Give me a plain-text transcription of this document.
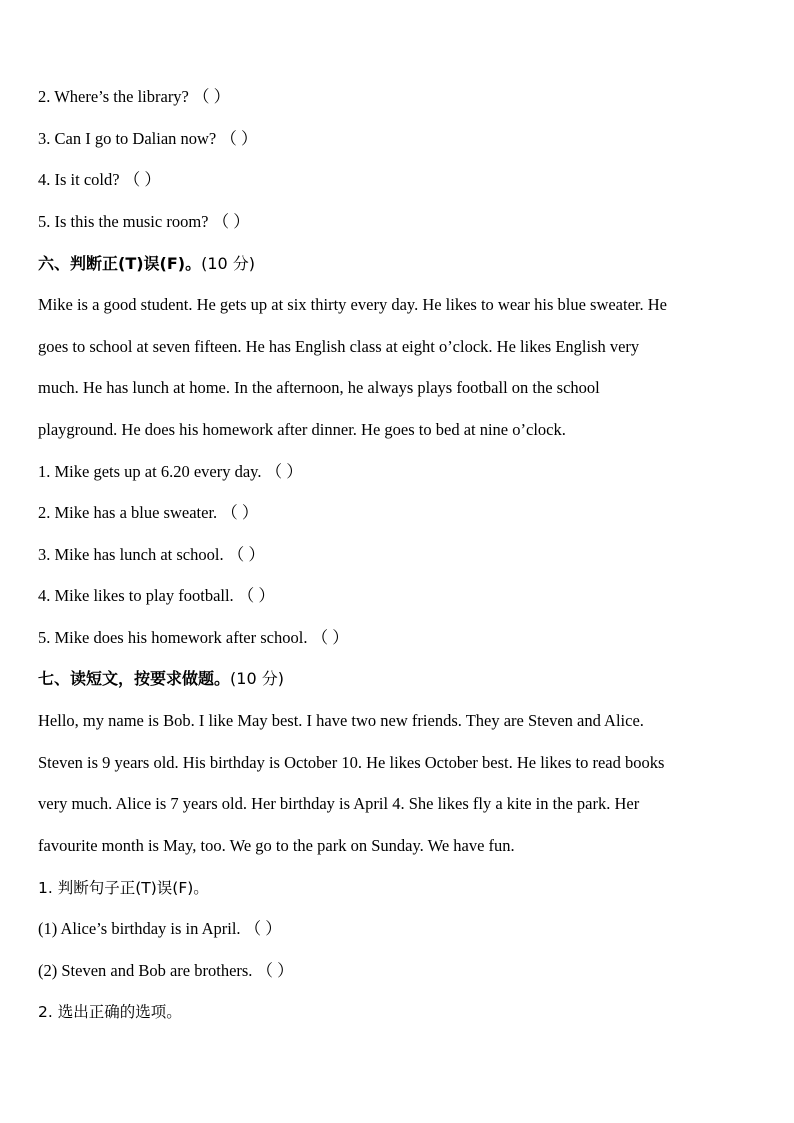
2. Where’s the library? （ ）
3. Can I go to Dalian now? （ ）
4. Is it cold? （ ）
5. Is this the music room? （ ）
六、判断正(T)误(F)。(10 分)
Mike is a good student. He gets up at six thirty every day. He likes to wear his blue sweater. He
goes to school at seven fifteen. He has English class at eight o’clock. He likes English very
much. He has lunch at home. In the afternoon, he always plays football on the school
playground. He does his homework after dinner. He goes to bed at nine o’clock.
1. Mike gets up at 6.20 every day. （ ）
2. Mike has a blue sweater. （ ）
3. Mike has lunch at school. （ ）
4. Mike likes to play football. （ ）
5. Mike does his homework after school. （ ）
七、读短文，按要求做题。(10 分)
Hello, my name is Bob. I like May best. I have two new friends. They are Steven and Alice.
Steven is 9 years old. His birthday is October 10. He likes October best. He likes to read books
very much. Alice is 7 years old. Her birthday is April 4. She likes fly a kite in the park. Her
favourite month is May, too. We go to the park on Sunday. We have fun.
1. 判断句子正(T)误(F)。
(1) Alice’s birthday is in April. （ ）
(2) Steven and Bob are brothers. （ ）
2. 选出正确的选项。
